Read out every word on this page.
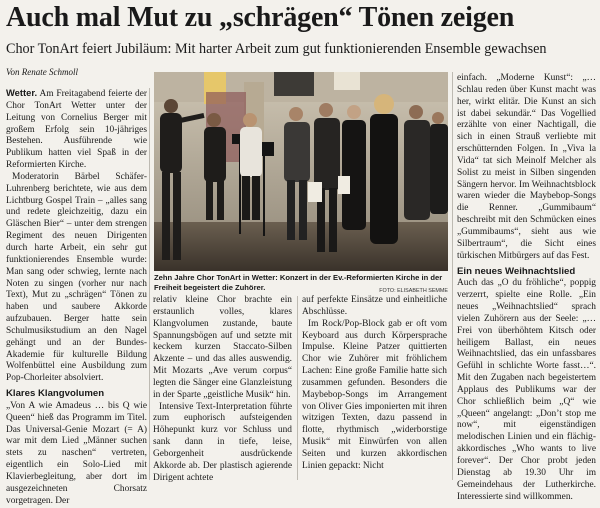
Auch mal Mut zu „schrägen“ Tönen zeigen
Chor TonArt feiert Jubiläum: Mit harter Arbeit zum gut funktionierenden Ensemble gewachsen
Von Renate Schmoll

Wetter. Am Freitagabend feierte der Chor TonArt Wetter unter der Leitung von Cornelius Berger mit großem Erfolg sein 10-jähriges Bestehen. Ausführende wie Publikum hatten viel Spaß in der Reformierten Kirche.

Moderatorin Bärbel Schäfer-Luhrenberg berichtete, wie aus dem Lichtburg Gospel Train – „alles sang und redete gleichzeitig, dazu ein Gläschen Bier“ – unter dem strengen Regiment des neuen Dirigenten durch harte Arbeit, ein sehr gut funktionierendes Ensemble wurde: Man sang oder schwieg, lernte nach Noten zu singen (vorher nur nach Text), Mut zu „schrägen“ Tönen zu haben und saubere Akkorde aufzubauen. Berger hatte sein Schulmusikstudium an den Nagel gehängt und an der Bundes-Akademie für kulturelle Bildung Wolfenbüttel eine Ausbildung zum Pop-Chorleiter absolviert.

Klares Klangvolumen

„Von A wie Amadeus … bis Q wie Queen“ hieß das Programm im Titel. Das Universal-Genie Mozart (= A) war mit dem Lied „Männer suchen stets zu naschen“ vertreten, eigentlich ein Solo-Lied mit Klavierbegleitung, aber dort im ausgezeichneten Chorsatz vorgetragen. Der

Zehn Jahre Chor TonArt in Wetter: Konzert in der Ev.-Reformierten Kirche in der Freiheit begeistert die Zuhörer.	FOTO: ELISABETH SEMME

relativ kleine Chor brachte ein erstaunlich volles, klares Klangvolumen zustande, baute Spannungsbögen auf und setzte mit keckem kurzen Staccato-Silben Akzente – und das alles auswendig. Mit Mozarts „Ave verum corpus“ legten die Sänger eine Glanzleistung in der Sparte „geistliche Musik“ hin.

Intensive Text-Interpretation führte zum euphorisch aufsteigenden Höhepunkt kurz vor Schluss und sank dann in tiefe, leise, Geborgenheit ausdrückende Akkorde ab. Der plastisch agierende Dirigent achtete

auf perfekte Einsätze und einheitliche Abschlüsse.

Im Rock/Pop-Block gab er oft vom Keyboard aus durch Körpersprache Impulse. Kleine Patzer quittierten Chor wie Zuhörer mit fröhlichem Lachen: Eine große Familie hatte sich zusammen gefunden. Besonders die Maybebop-Songs im Arrangement von Oliver Gies imponierten mit ihren witzigen Texten, dazu passend in flotte, rhythmisch „widerborstige Musik“ mit Einwürfen von allen Seiten und kurzen akkordischen Linien gepackt: Nicht

einfach. „Moderne Kunst“: „…Schlau reden über Kunst macht was her, wirkt elitär. Die Kunst an sich ist dabei sekundär.“ Das Vogellied erzählte von einer Nachtigall, die sich in einen Strauß verliebte mit erschütternden Folgen. In „Viva la Vida“ tat sich Meinolf Melcher als Solist zu meist in Silben singenden Sängern hervor. Im Weihnachtsblock waren wieder die Maybebop-Songs die Renner. „Gummibaum“ beschreibt mit den Schmücken eines „Gummibaums“, sieht aus wie Silbertraum“, die Sicht eines türkischen Mitbürgers auf das Fest.

Ein neues Weihnachtslied

Auch das „O du fröhliche“, poppig verzerrt, spielte eine Rolle. „Ein neues „Weihnachtslied“ sprach vielen Zuhörern aus der Seele: „…Frei von überhöhtem Kitsch oder heiligem Ballast, ein neues Weihnachtslied, das ein unfassbares Gefühl in schlichte Worte fasst…“. Mit den Zugaben nach begeistertem Applaus des Publikums war der Chor schließlich beim „Q“ wie „Queen“ angelangt: „Don’t stop me now“, mit eigenständigen melodischen Linien und ein flächig-akkordisches „Who wants to live forever“. Der Chor probt jeden Dienstag ab 19.30 Uhr im Gemeindehaus der Lutherkirche. Interessierte sind willkommen.
